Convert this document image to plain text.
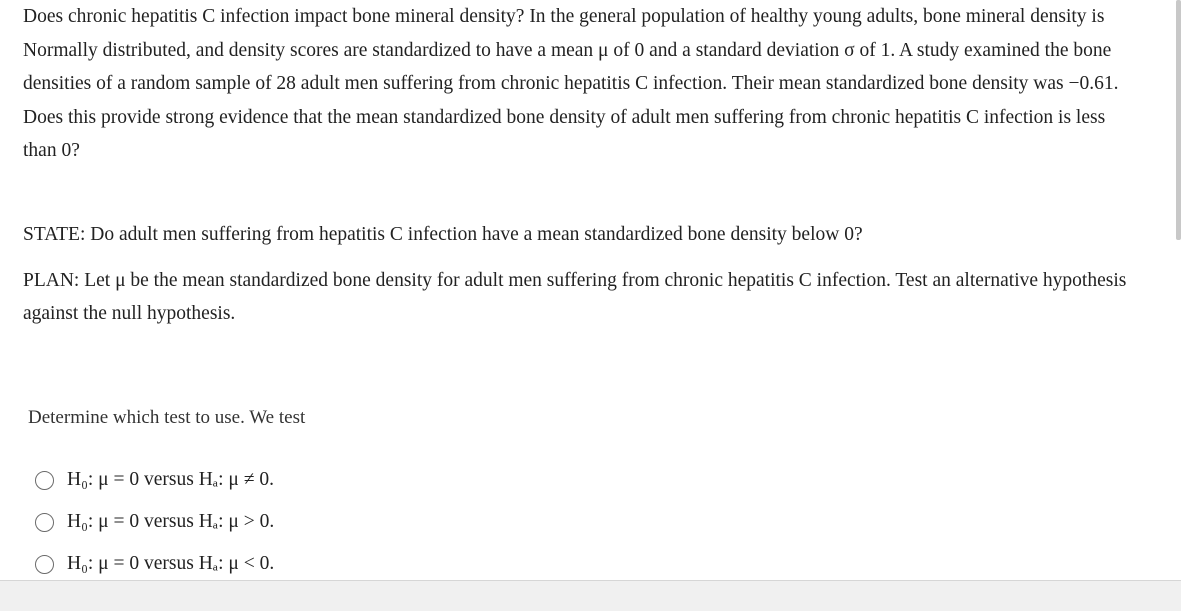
Does chronic hepatitis C infection impact bone mineral density? In the general population of healthy young adults, bone mineral density is Normally distributed, and density scores are standardized to have a mean μ of 0 and a standard deviation σ of 1. A study examined the bone densities of a random sample of 28 adult men suffering from chronic hepatitis C infection. Their mean standardized bone density was −0.61. Does this provide strong evidence that the mean standardized bone density of adult men suffering from chronic hepatitis C infection is less than 0?

STATE: Do adult men suffering from hepatitis C infection have a mean standardized bone density below 0?

PLAN: Let μ be the mean standardized bone density for adult men suffering from chronic hepatitis C infection. Test an alternative hypothesis against the null hypothesis.

Determine which test to use. We test
H₀: μ = 0 versus Hₐ: μ ≠ 0.
H₀: μ = 0 versus Hₐ: μ > 0.
H₀: μ = 0 versus Hₐ: μ < 0.
